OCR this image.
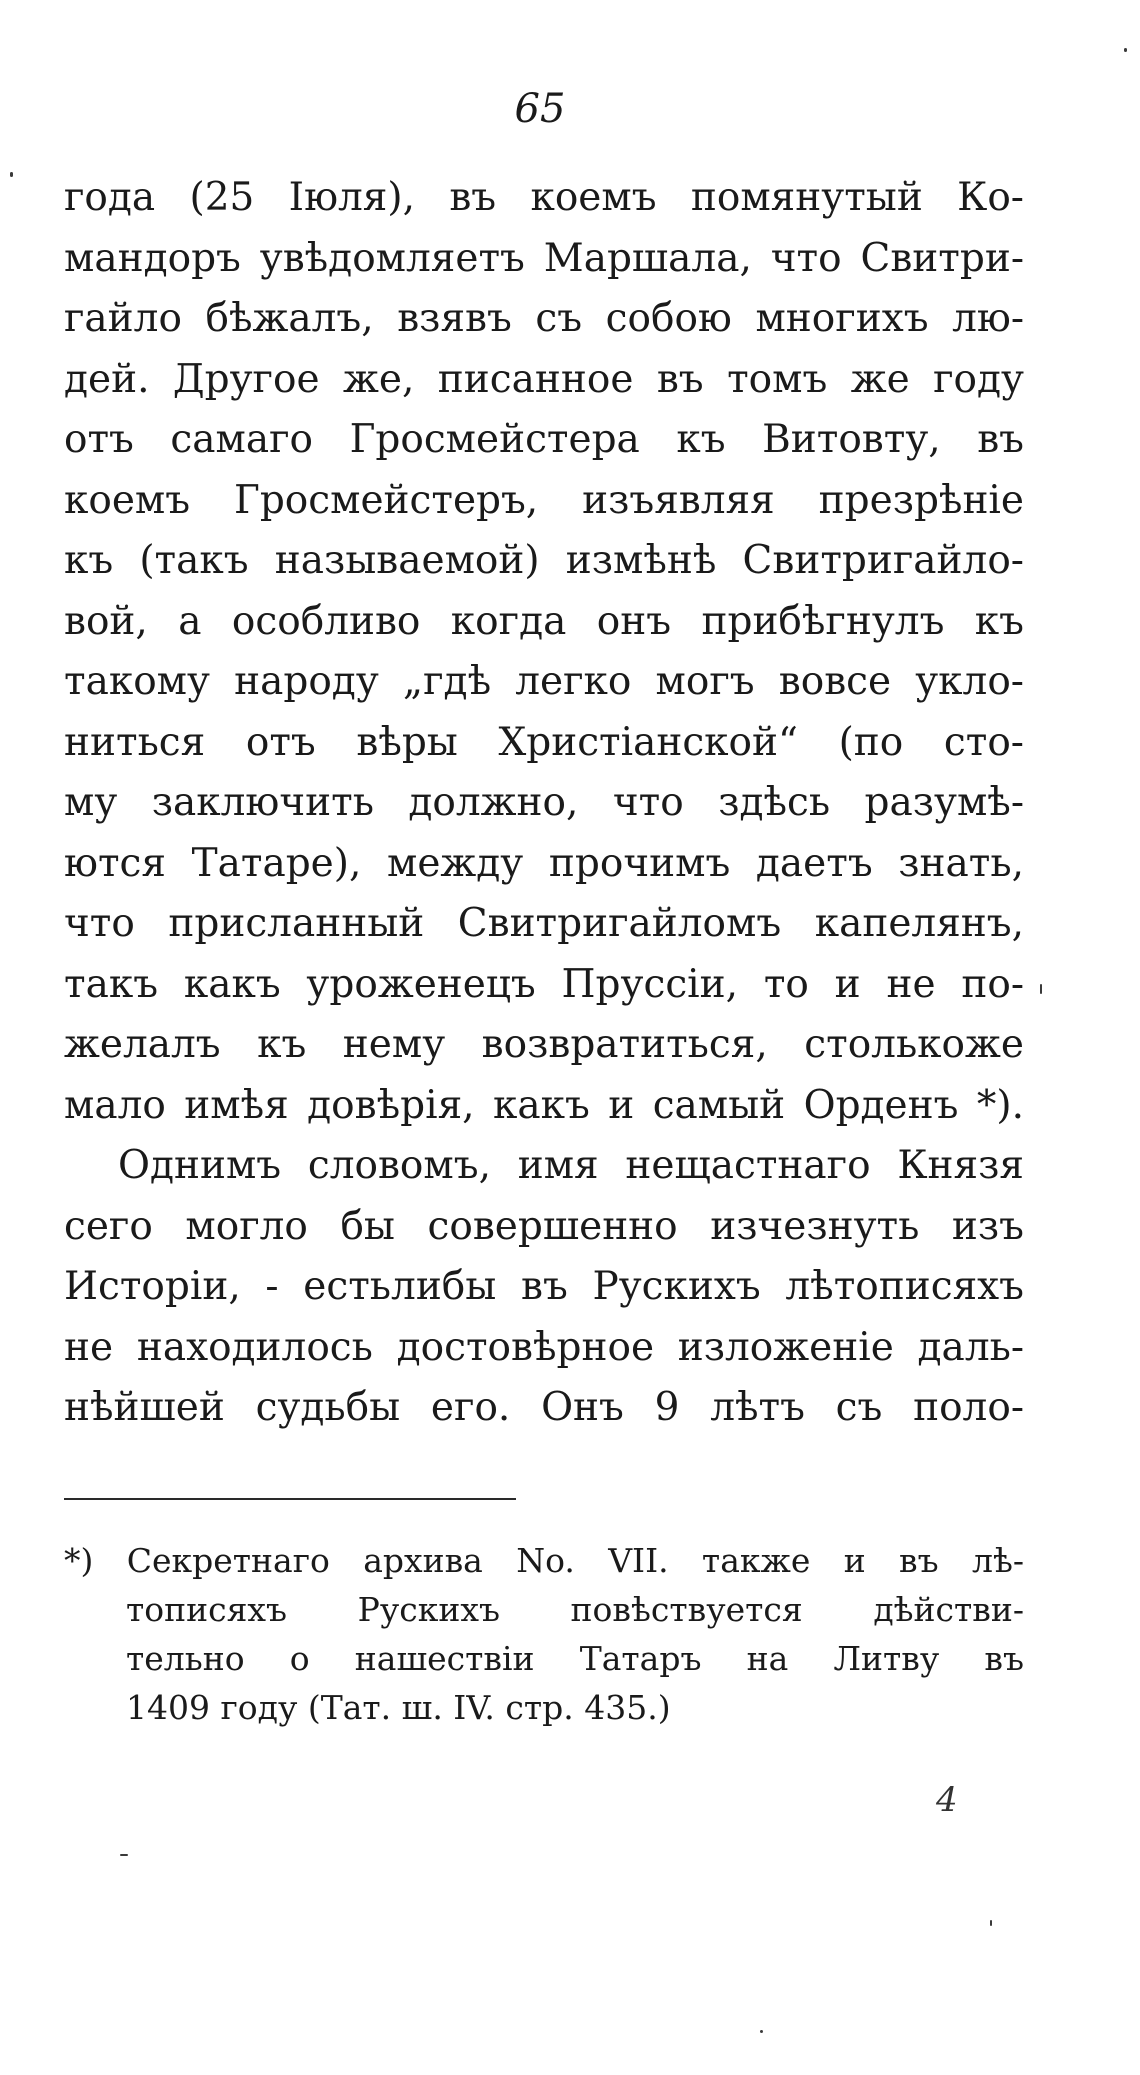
65
года (25 Іюля), въ коемъ помянутый Ко-
мандоръ увѣдомляетъ Маршала, что Свитри-
гайло бѣжалъ, взявъ съ собою многихъ лю-
дей. Другое же, писанное въ томъ же году
отъ самаго Гросмейстера къ Витовту, въ
коемъ Гросмейстеръ, изъявляя презрѣніе
къ (такъ называемой) измѣнѣ Свитригайло-
вой, а особливо когда онъ прибѣгнулъ къ
такому народу „гдѣ легко могъ вовсе укло-
ниться отъ вѣры Христіанской“ (по сто-
му заключить должно, что здѣсь разумѣ-
ются Татаре), между прочимъ даетъ знать,
что присланный Свитригайломъ капелянъ,
такъ какъ уроженецъ Пруссіи, то и не по-
желалъ къ нему возвратиться, столькоже
мало имѣя довѣрія, какъ и самый Орденъ *).
Однимъ словомъ, имя нещастнаго Князя
сего могло бы совершенно изчезнуть изъ
Исторіи, - естьлибы въ Рускихъ лѣтописяхъ
не находилось достовѣрное изложеніе даль-
нѣйшей судьбы его. Онъ 9 лѣтъ съ поло-
*) Секретнаго архива No. VII. также и въ лѣ-
тописяхъ Рускихъ повѣствуется дѣйстви-
тельно о нашествіи Татаръ на Литву въ
1409 году (Тат. ш. IV. стр. 435.)
4
